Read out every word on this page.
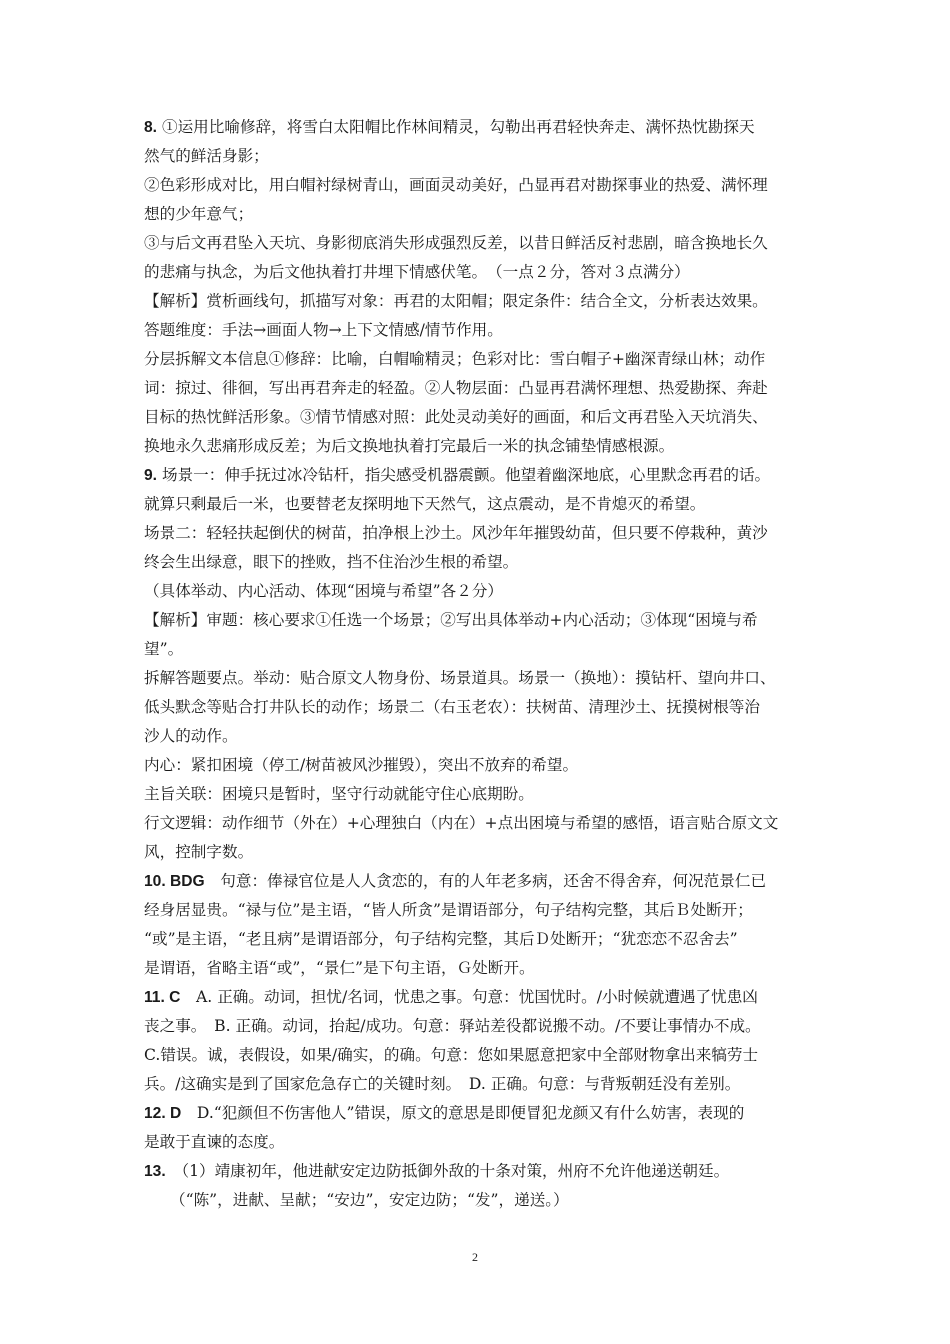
8. ①运用比喻修辞，将雪白太阳帽比作林间精灵，勾勒出再君轻快奔走、满怀热忱勘探天
然气的鲜活身影；
②色彩形成对比，用白帽衬绿树青山，画面灵动美好，凸显再君对勘探事业的热爱、满怀理
想的少年意气；
③与后文再君坠入天坑、身影彻底消失形成强烈反差，以昔日鲜活反衬悲剧，暗含换地长久
的悲痛与执念，为后文他执着打井埋下情感伏笔。　（一点２分，答对３点满分）
【解析】赏析画线句，抓描写对象：再君的太阳帽；限定条件：结合全文，分析表达效果。
答题维度：手法→画面人物→上下文情感/情节作用。
分层拆解文本信息①修辞：比喻，白帽喻精灵；色彩对比：雪白帽子+幽深青绿山林；动作
词：掠过、徘徊，写出再君奔走的轻盈。②人物层面：凸显再君满怀理想、热爱勘探、奔赴
目标的热忱鲜活形象。③情节情感对照：此处灵动美好的画面，和后文再君坠入天坑消失、
换地永久悲痛形成反差；为后文换地执着打完最后一米的执念铺垫情感根源。
9. 场景一：伸手抚过冰冷钻杆，指尖感受机器震颤。他望着幽深地底，心里默念再君的话。
就算只剩最后一米，也要替老友探明地下天然气，这点震动，是不肯熄灭的希望。
场景二：轻轻扶起倒伏的树苗，拍净根上沙土。风沙年年摧毁幼苗，但只要不停栽种，黄沙
终会生出绿意，眼下的挫败，挡不住治沙生根的希望。
（具体举动、内心活动、体现“困境与希望”各２分）
【解析】审题：核心要求①任选一个场景；②写出具体举动+内心活动；③体现“困境与希
望”。
拆解答题要点。举动：贴合原文人物身份、场景道具。场景一（换地）：摸钻杆、望向井口、
低头默念等贴合打井队长的动作；场景二（右玉老农）：扶树苗、清理沙土、抚摸树根等治
沙人的动作。
内心：紧扣困境（停工/树苗被风沙摧毁），突出不放弃的希望。
主旨关联：困境只是暂时，坚守行动就能守住心底期盼。
行文逻辑：动作细节（外在）+心理独白（内在）+点出困境与希望的感悟，语言贴合原文文
风，控制字数。
10. BDG　句意：俸禄官位是人人贪恋的，有的人年老多病，还舍不得舍弃，何况范景仁已
经身居显贵。“禄与位”是主语，“皆人所贪”是谓语部分，句子结构完整，其后Ｂ处断开；
“或”是主语，“老且病”是谓语部分，句子结构完整，其后Ｄ处断开；“犹恋恋不忍舍去”
是谓语，省略主语“或”，“景仁”是下句主语，Ｇ处断开。
11. C　A. 正确。动词，担忧/名词，忧患之事。句意：忧国忧时。/小时候就遭遇了忧患凶
丧之事。　B. 正确。动词，抬起/成功。句意：驿站差役都说搬不动。/不要让事情办不成。
C.错误。诚，表假设，如果/确实，的确。句意：您如果愿意把家中全部财物拿出来犒劳士
兵。/这确实是到了国家危急存亡的关键时刻。　D. 正确。句意：与背叛朝廷没有差别。
12. D　D.“犯颜但不伤害他人”错误，原文的意思是即便冒犯龙颜又有什么妨害，表现的
是敢于直谏的态度。
13.　（1）靖康初年，他进献安定边防抵御外敌的十条对策，州府不允许他递送朝廷。
（“陈”，进献、呈献；“安边”，安定边防；“发”，递送。）
2
